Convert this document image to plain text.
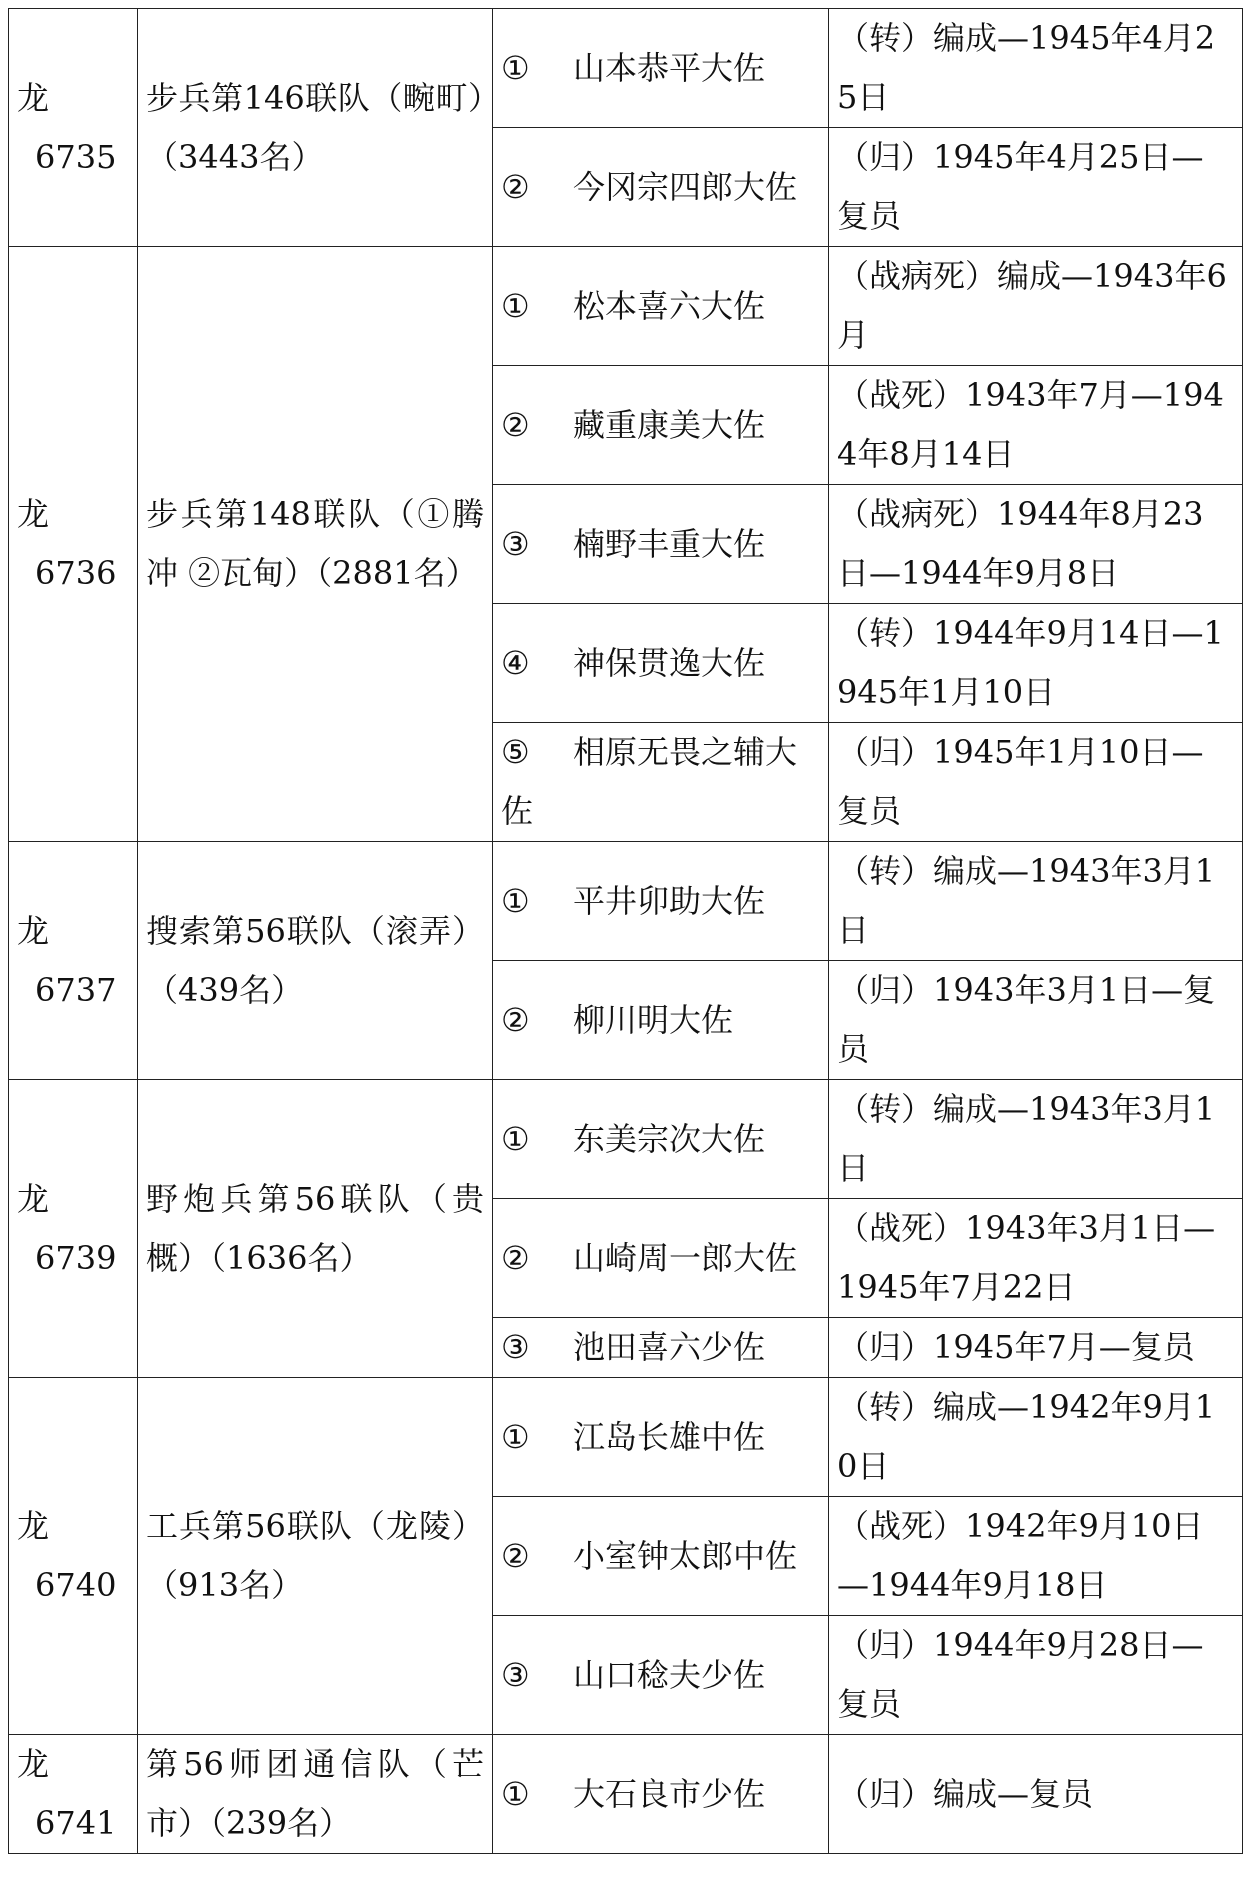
龙
6735	步兵第146联队（畹町）（3443名）	① 山本恭平大佐	（转）编成—1945年4月25日
		② 今冈宗四郎大佐	（归）1945年4月25日—复员

龙
6736	步兵第148联队（①腾冲 ②瓦甸）（2881名）	① 松本喜六大佐	（战病死）编成—1943年6月
		② 藏重康美大佐	（战死）1943年7月—1944年8月14日
		③ 楠野丰重大佐	（战病死）1944年8月23日—1944年9月8日
		④ 神保贯逸大佐	（转）1944年9月14日—1945年1月10日
		⑤ 相原无畏之辅大佐	（归）1945年1月10日—复员

龙
6737	搜索第56联队（滚弄）（439名）	① 平井卯助大佐	（转）编成—1943年3月1日
		② 柳川明大佐	（归）1943年3月1日—复员

龙
6739	野炮兵第56联队（贵概）（1636名）	① 东美宗次大佐	（转）编成—1943年3月1日
		② 山崎周一郎大佐	（战死）1943年3月1日—1945年7月22日
		③ 池田喜六少佐	（归）1945年7月—复员

龙
6740	工兵第56联队（龙陵）（913名）	① 江岛长雄中佐	（转）编成—1942年9月10日
		② 小室钟太郎中佐	（战死）1942年9月10日—1944年9月18日
		③ 山口稔夫少佐	（归）1944年9月28日—复员

龙
6741	第56师团通信队（芒市）（239名）	① 大石良市少佐	（归）编成—复员
